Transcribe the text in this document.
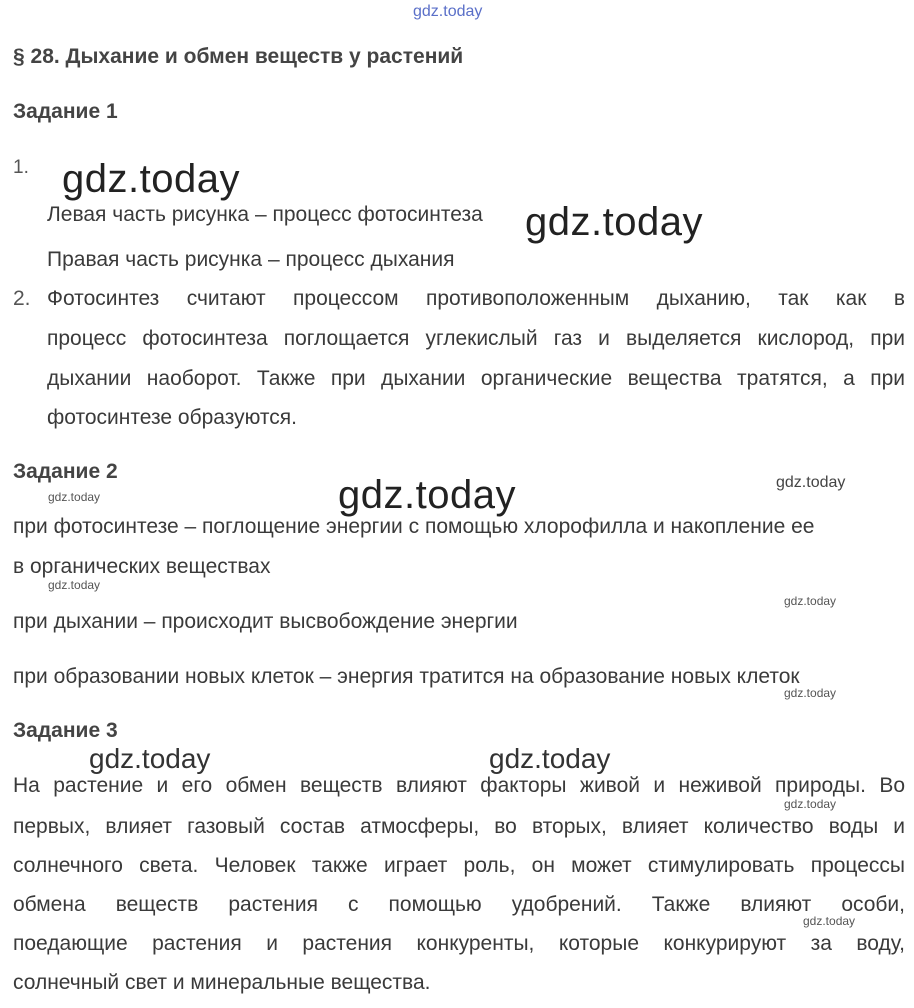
gdz.today
§ 28. Дыхание и обмен веществ у растений
Задание 1
1.
Левая часть рисунка – процесс фотосинтеза
Правая часть рисунка – процесс дыхания
2. Фотосинтез считают процессом противоположенным дыханию, так как в
процесс фотосинтеза поглощается углекислый газ и выделяется кислород, при
дыхании наоборот. Также при дыхании органические вещества тратятся, а при
фотосинтезе образуются.
Задание 2
при фотосинтезе – поглощение энергии с помощью хлорофилла и накопление ее
в органических веществах
при дыхании – происходит высвобождение энергии
при образовании новых клеток – энергия тратится на образование новых клеток
Задание 3
На растение и его обмен веществ влияют факторы живой и неживой природы. Во
первых, влияет газовый состав атмосферы, во вторых, влияет количество воды и
солнечного света. Человек также играет роль, он может стимулировать процессы
обмена веществ растения с помощью удобрений. Также влияют особи,
поедающие растения и растения конкуренты, которые конкурируют за воду,
солнечный свет и минеральные вещества.
gdz.today
gdz.today
gdz.today
gdz.today	gdz.today
gdz.today
gdz.today
gdz.today
gdz.today
gdz.today
gdz.today
gdz.today
